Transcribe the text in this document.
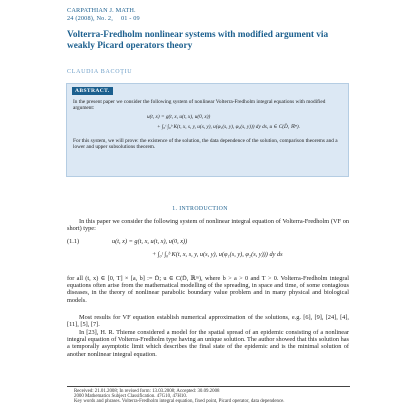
CARPATHIAN J. MATH.
24 (2008), No. 2, 01 - 09
Volterra-Fredholm nonlinear systems with modified argument via weakly Picard operators theory
CLAUDIA BACOŢIU
ABSTRACT.
In the present paper we consider the following system of nonlinear Volterra-Fredholm integral equations with modified argument:
u(t, x) = g(t, x, u(t, x), u(0, x))
+ ∫₀ᵗ ∫₀ᵇ K(t, x, s, y, u(s, y), u(φ₁(s, y), φ₂(s, y))) dy ds, u ∈ C(D̄, ℝᵐ).
For this system, we will prove: the existence of the solution, the data dependence of the solution, comparison theorems and a lower and upper subsolutions theorem.
1. INTRODUCTION
In this paper we consider the following system of nonlinear integral equation of Volterra-Fredholm (VF on short) type:
(1.1)	u(t, x) = g(t, x, u(t, x), u(0, x))
+ ∫₀ᵗ ∫₀ᵇ K(t, x, s, y, u(s, y), u(φ₁(s, y), φ₂(s, y))) dy ds
for all (t, x) ∈ [0, T] × [a, b] := D̄; u ∈ C(D̄, ℝᵐ), where b > a > 0 and T > 0. Volterra-Fredholm integral equations often arise from the mathematical modelling of the spreading, in space and time, of some contagious diseases, in the theory of nonlinear parabolic boundary value problem and in many physical and biological models.
Most results for VF equation establish numerical approximation of the solutions, e.g. [6], [9], [24], [4], [11], [5], [7].
In [23], H. R. Thieme considered a model for the spatial spread of an epidemic consisting of a nonlinear integral equation of Volterra-Fredholm type having an unique solution. The author showed that this solution has a temporally asymptotic limit which describes the final state of the epidemic and is the minimal solution of another nonlinear integral equation.
Received: 21.01.2008; In revised form: 13.03.2008; Accepted: 30.09.2008
2000 Mathematics Subject Classification. 47G10, 47H10.
Key words and phrases. Volterra-Fredholm integral equation, fixed point, Picard operator, data dependence.
